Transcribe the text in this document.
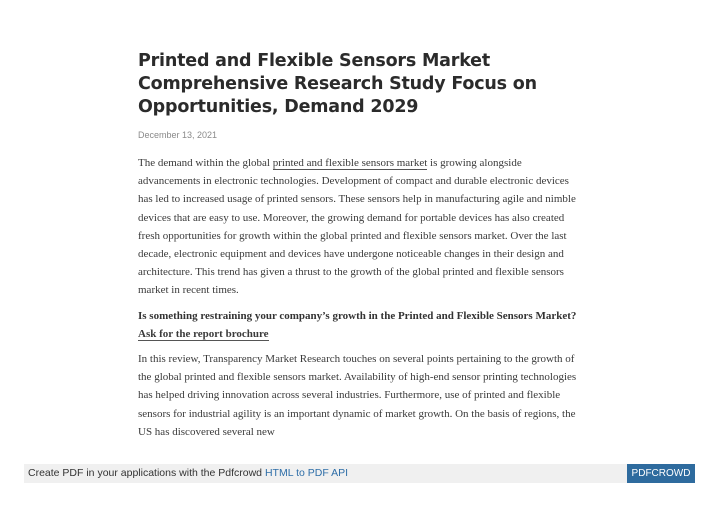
Printed and Flexible Sensors Market Comprehensive Research Study Focus on Opportunities, Demand 2029
December 13, 2021

The demand within the global printed and flexible sensors market is growing alongside advancements in electronic technologies. Development of compact and durable electronic devices has led to increased usage of printed sensors. These sensors help in manufacturing agile and nimble devices that are easy to use. Moreover, the growing demand for portable devices has also created fresh opportunities for growth within the global printed and flexible sensors market. Over the last decade, electronic equipment and devices have undergone noticeable changes in their design and architecture. This trend has given a thrust to the growth of the global printed and flexible sensors market in recent times.

Is something restraining your company’s growth in the Printed and Flexible Sensors Market? Ask for the report brochure

In this review, Transparency Market Research touches on several points pertaining to the growth of the global printed and flexible sensors market. Availability of high-end sensor printing technologies has helped driving innovation across several industries. Furthermore, use of printed and flexible sensors for industrial agility is an important dynamic of market growth. On the basis of regions, the US has discovered several new

Create PDF in your applications with the Pdfcrowd HTML to PDF API	PDFCROWD
